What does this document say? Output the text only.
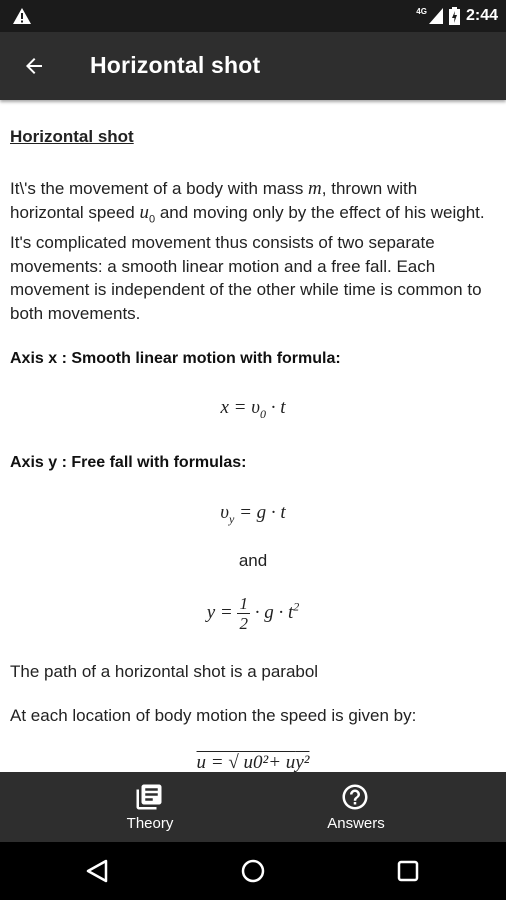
4G 2:44
Horizontal shot
Horizontal shot
It\'s the movement of a body with mass m, thrown with horizontal speed $u_0$ and moving only by the effect of his weight. It's complicated movement thus consists of two separate movements: a smooth linear motion and a free fall. Each movement is independent of the other while time is common to both movements.
Axis x : Smooth linear motion with formula:
$x = \upsilon_0 \cdot t$
Axis y : Free fall with formulas:
$\upsilon_y = g \cdot t$
and
$y = \frac{1}{2} \cdot g \cdot t^2$
The path of a horizontal shot is a parabol
At each location of body motion the speed is given by:
u = √ u0²+ uy²
Theory	Answers
